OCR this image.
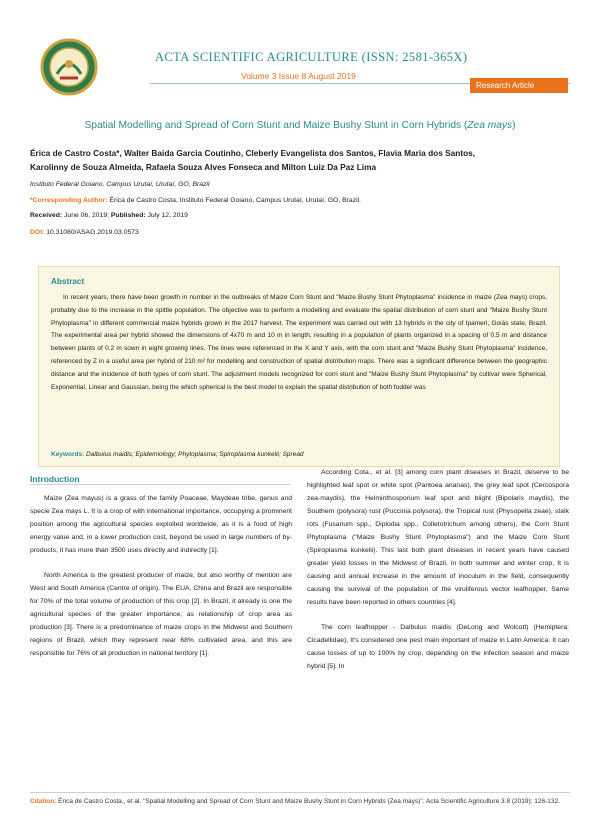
ACTA SCIENTIFIC AGRICULTURE (ISSN: 2581-365X)
Volume 3 Issue 8 August 2019
Research Article
Spatial Modelling and Spread of Corn Stunt and Maize Bushy Stunt in Corn Hybrids (Zea mays)
Érica de Castro Costa*, Walter Baida Garcia Coutinho, Cleberly Evangelista dos Santos, Flavia Maria dos Santos,
Karolinny de Souza Almeida, Rafaela Souza Alves Fonseca and Milton Luiz Da Paz Lima
Instituto Federal Goiano, Campus Urutaí, Urutaí, GO, Brazil
*Corresponding Author: Érica de Castro Costa, Instituto Federal Goiano, Campus Urutaí, Urutaí, GO, Brazil.
Received: June 06, 2019; Published: July 12, 2019
DOI: 10.31080/ASAG.2019.03.0573
Abstract
In recent years, there have been growth in number in the outbreaks of Maize Corn Stunt and "Maize Bushy Stunt Phytoplasma" incidence in maize (Zea mays) crops, probably due to the increase in the spittle population. The objective was to perform a modelling and evaluate the spatial distribution of corn stunt and "Maize Bushy Stunt Phytoplasma" in different commercial maize hybrids grown in the 2017 harvest. The experiment was carried out with 13 hybrids in the city of Ipameri, Goiás state, Brazil. The experimental area per hybrid showed the dimensions of 4x70 m and 10 m in length, resulting in a population of plants organized in a spacing of 0.5 m and distance between plants of 0.2 m sown in eight growing lines. The lines were referenced in the X and Y axis, with the corn stunt and "Maize Bushy Stunt Phytoplasma" incidence, referenced by Z in a useful area per hybrid of 210 m² for modelling and construction of spatial distribution maps. There was a significant difference between the geographic distance and the incidence of both types of corn stunt. The adjustment models recognized for corn stunt and "Maize Bushy Stunt Phytoplasma" by cultivar were Spherical, Exponential, Linear and Gaussian, being the which spherical is the best model to explain the spatial distribution of both fodder was
Keywords: Dalbulus maidis; Epidemiology; Phytoplasma; Spiroplasma kunkelii; Spread
Introduction

Maize (Zea mayus) is a grass of the family Poaceae, Maydeae tribe, genus and specie Zea mays L. It is a crop of with international importance, occupying a prominent position among the agricultural species exploited worldwide, as it is a food of high energy value and, in a lower production cost, beyond be used in large numbers of by-products, it has more than 3500 uses directly and indirectly [1].

North America is the greatest producer of maize, but also worthy of mention are West and South America (Centre of origin). The EUA, China and Brazil are responsible for 70% of the total volume of production of this crop [2]. In Brazil, it already is one the agricultural species of the greater importance, as relationship of crop area as production [3]. There is a predominance of maize crops in the Midwest and Southern regions of Brazil, which they represent near 68% cultivated area, and this are responsible for 76% of all production in national territory [1].

According Cota., et al. [3] among corn plant diseases in Brazil, deserve to be highlighted leaf spot or white spot (Pantoea ananas), the grey leaf spot (Cercospora zea-maydis), the Helminthosporium leaf spot and blight (Bipolaris maydis), the Southern (polysora) rust (Puccinia polysora), the Tropical rust (Physopella zeae), stalk rots (Fusarium spp., Diplodia spp., Colletotrichum among others), the Corn Stunt Phytoplasma ("Maize Bushy Stunt Phytoplasma") and the Maize Corn Stunt (Spiroplasma kunkelii). This last both plant diseases in recent years have caused greater yield losses in the Midwest of Brazil, in both summer and winter crop, It is causing and annual increase in the amount of inoculum in the field, consequently causing the survival of the population of the viruliferous vector leafhopper. Same results have been reported in others countries [4].

The corn leafhopper - Dalbulus maidis (DeLong and Wolcott) (Hemiptera: Cicadellidae), It's considered one pest main important of maize in Latin America. It can cause losses of up to 100% by crop, depending on the infection season and maize hybrid [5]. In

Citation: Érica de Castro Costa., et al. "Spatial Modelling and Spread of Corn Stunt and Maize Bushy Stunt in Corn Hybrids (Zea mays)". Acta Scientific Agriculture 3.8 (2019): 126-132.
